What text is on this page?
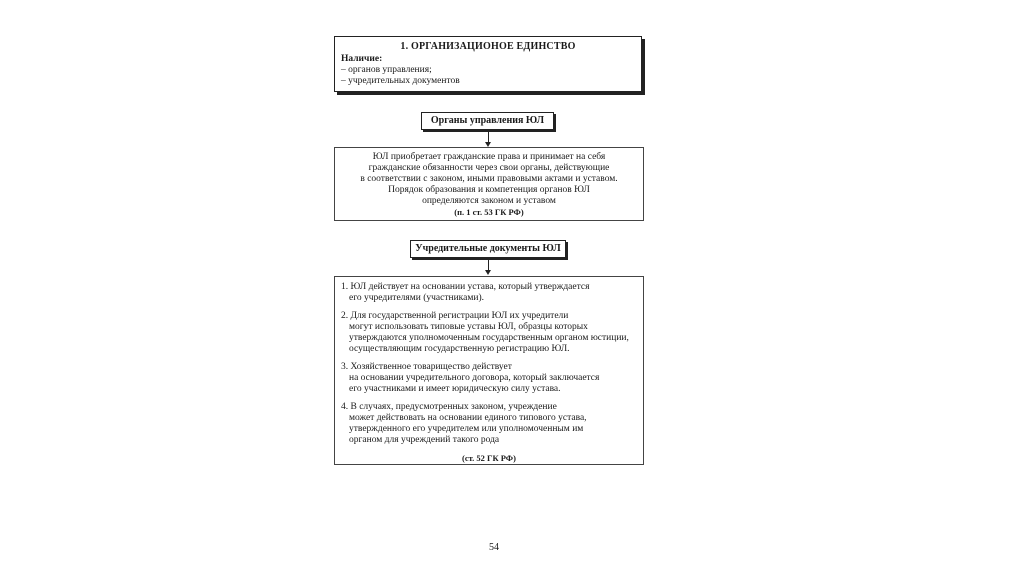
1. ОРГАНИЗАЦИОНОЕ ЕДИНСТВО
Наличие:
– органов управления;
– учредительных документов
Органы управления ЮЛ
ЮЛ приобретает гражданские права и принимает на себя
гражданские обязанности через свои органы, действующие
в соответствии с законом, иными правовыми актами и уставом.
Порядок образования и компетенция органов ЮЛ
определяются законом и уставом
(п. 1 ст. 53 ГК РФ)
Учредительные документы ЮЛ
1. ЮЛ действует на основании устава, который утверждается
его учредителями (участниками).
2. Для государственной регистрации ЮЛ их учредители
могут использовать типовые уставы ЮЛ, образцы которых
утверждаются уполномоченным государственным органом юстиции,
осуществляющим государственную регистрацию ЮЛ.
3. Хозяйственное товарищество действует
на основании учредительного договора, который заключается
его участниками и имеет юридическую силу устава.
4. В случаях, предусмотренных законом, учреждение
может действовать на основании единого типового устава,
утвержденного его учредителем или уполномоченным им
органом для учреждений такого рода
(ст. 52 ГК РФ)
54
